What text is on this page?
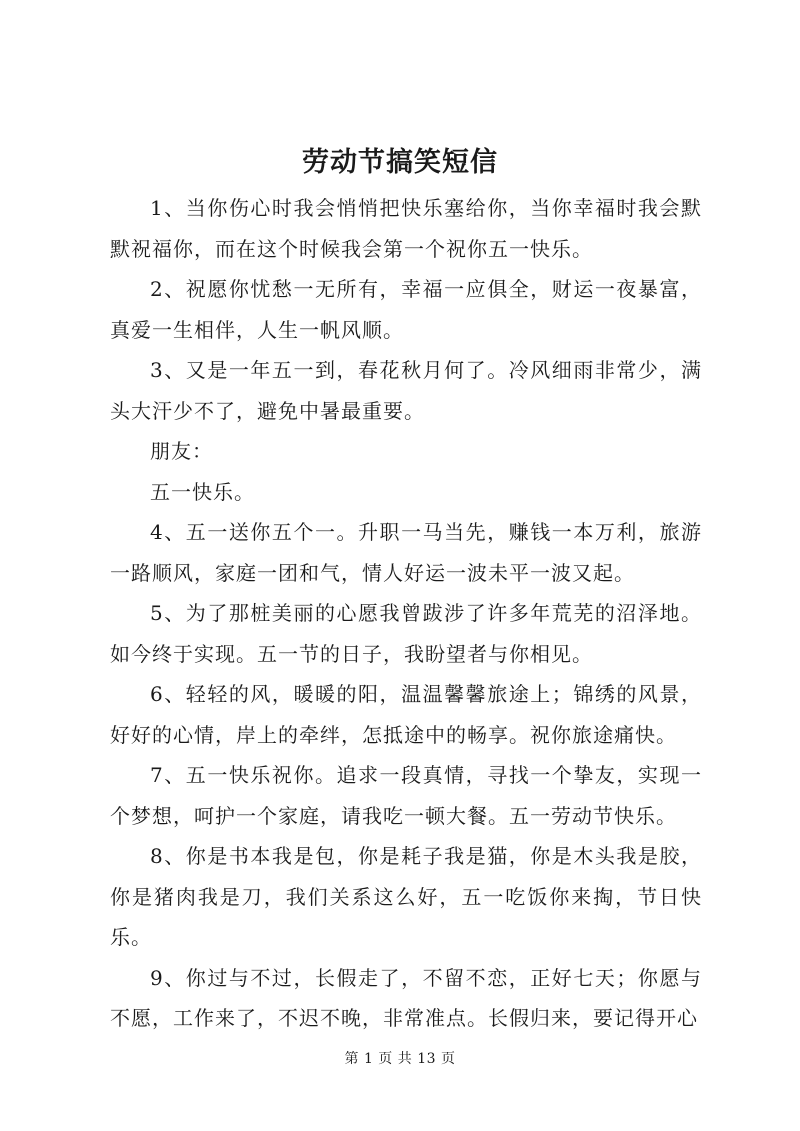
劳动节搞笑短信

1、当你伤心时我会悄悄把快乐塞给你，当你幸福时我会默默祝福你，而在这个时候我会第一个祝你五一快乐。

2、祝愿你忧愁一无所有，幸福一应俱全，财运一夜暴富，真爱一生相伴，人生一帆风顺。

3、又是一年五一到，春花秋月何了。冷风细雨非常少，满头大汗少不了，避免中暑最重要。

朋友：

五一快乐。

4、五一送你五个一。升职一马当先，赚钱一本万利，旅游一路顺风，家庭一团和气，情人好运一波未平一波又起。

5、为了那桩美丽的心愿我曾跋涉了许多年荒芜的沼泽地。如今终于实现。五一节的日子，我盼望者与你相见。

6、轻轻的风，暖暖的阳，温温馨馨旅途上；锦绣的风景，好好的心情，岸上的牵绊，怎抵途中的畅享。祝你旅途痛快。

7、五一快乐祝你。追求一段真情，寻找一个挚友，实现一个梦想，呵护一个家庭，请我吃一顿大餐。五一劳动节快乐。

8、你是书本我是包，你是耗子我是猫，你是木头我是胶，你是猪肉我是刀，我们关系这么好，五一吃饭你来掏，节日快乐。

9、你过与不过，长假走了，不留不恋，正好七天；你愿与不愿，工作来了，不迟不晚，非常准点。长假归来，要记得开心

第 1 页 共 13 页
